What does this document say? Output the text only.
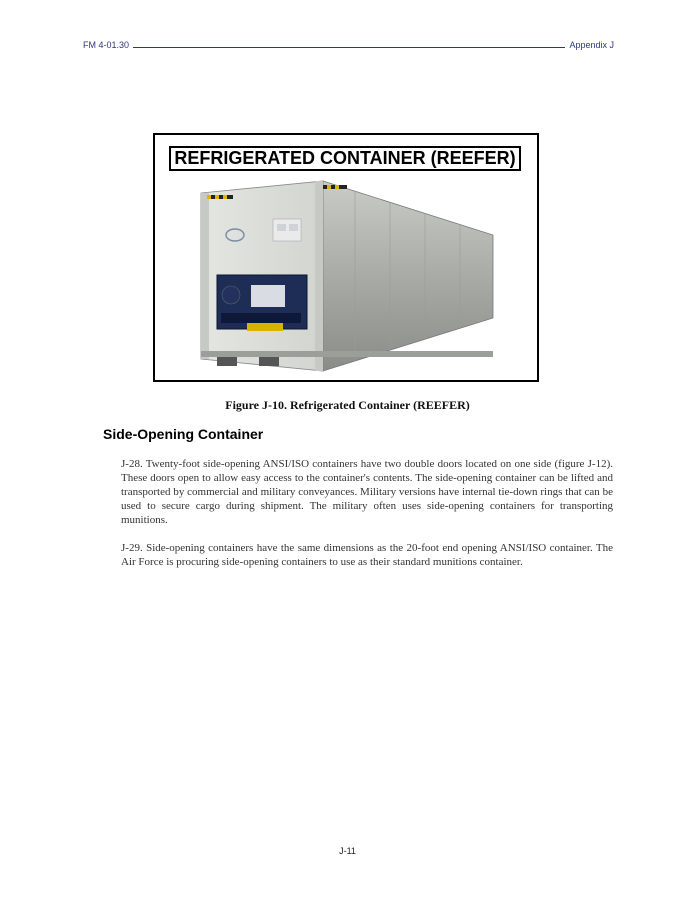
FM 4-01.30	Appendix J
REFRIGERATED CONTAINER (REEFER)
Figure J-10. Refrigerated Container (REEFER)
Side-Opening Container

J-28. Twenty-foot side-opening ANSI/ISO containers have two double doors located on one side (figure J-12). These doors open to allow easy access to the container's contents. The side-opening container can be lifted and transported by commercial and military conveyances. Military versions have internal tie-down rings that can be used to secure cargo during shipment. The military often uses side-opening containers for transporting munitions.

J-29. Side-opening containers have the same dimensions as the 20-foot end opening ANSI/ISO container. The Air Force is procuring side-opening containers to use as their standard munitions container.

J-11
